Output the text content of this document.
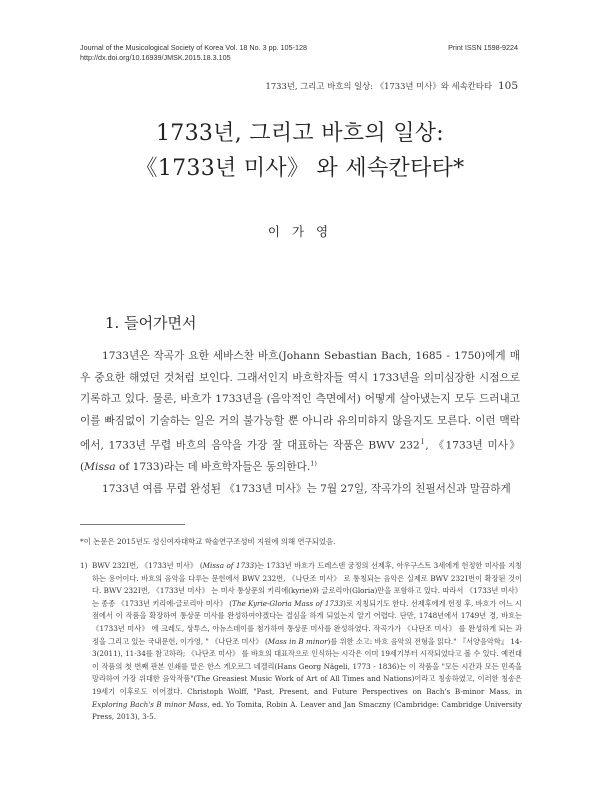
Journal of the Musicological Society of Korea Vol. 18 No. 3 pp. 105-128
http://dx.doi.org/10.16939/JMSK.2015.18.3.105
Print ISSN 1598-9224
1733년, 그리고 바흐의 일상: 《1733년 미사》와 세속칸타타 105
1733년, 그리고 바흐의 일상:
《1733년 미사》 와 세속칸타타*
이 가 영
1. 들어가면서

1733년은 작곡가 요한 세바스찬 바흐(Johann Sebastian Bach, 1685 - 1750)에게 매우 중요한 해였던 것처럼 보인다. 그래서인지 바흐학자들 역시 1733년을 의미심장한 시점으로 기록하고 있다. 물론, 바흐가 1733년을 (음악적인 측면에서) 어떻게 살아냈는지 모두 드러내고 이를 빠짐없이 기술하는 일은 거의 불가능할 뿐 아니라 유의미하지 않을지도 모른다. 이런 맥락에서, 1733년 무렵 바흐의 음악을 가장 잘 대표하는 작품은 BWV $232^Ⅰ$, 《1733년 미사》 (Missa of 1733)라는 데 바흐학자들은 동의한다.$^{1)}$

1733년 여름 무렵 완성된 《1733년 미사》는 7월 27일, 작곡가의 친필서신과 말끔하게

*이 논문은 2015년도 성신여자대학교 학술연구조성비 지원에 의해 연구되었음.
1) BWV 232Ⅰ번, 《1733년 미사》 (Missa of 1733)는 1733년 바흐가 드레스덴 궁정의 선제후, 아우구스트 3세에게 헌정한 미사를 지칭하는 용어이다. 바흐의 음악을 다루는 문헌에서 BWV 232번, 《나단조 미사》 로 통칭되는 음악은 실제로 BWV 232Ⅰ번이 확장된 것이다. BWV 232Ⅰ번, 《1733년 미사》 는 미사 통상문의 키리에(kyrie)와 글로리아(Gloria)만을 포함하고 있다. 따라서 《1733년 미사》 는 종종 《1733년 키리에-글로리아 미사》 (The Kyrie-Gloria Mass of 1733)로 지칭되기도 한다. 선제후에게 헌정 후, 바흐가 어느 시점에서 이 작품을 확장하여 통상문 미사를 완성하여야겠다는 결심을 하게 되었는지 알기 어렵다. 단만, 1748년에서 1749년 경, 바흐는 《1733년 미사》 에 크레도, 상투스, 아뉴스데이를 첨가하여 통상문 미사를 완성하였다. 작곡가가 《나단조 미사》 를 완성하게 되는 과정을 그리고 있는 국내문헌, 이가영, " 《나단조 미사》 (Mass in B minor)를 위한 소고: 바흐 음악의 전형을 읽다." 『서양음악학』 14-3(2011), 11-34를 참고하라; 《나단조 미사》 를 바흐의 대표작으로 인식하는 시각은 이미 19세기부터 시작되었다고 볼 수 있다. 예컨대 이 작품의 첫 번째 판본 인쇄를 맡은 한스 게오르그 네겔리(Hans Georg Nägeli, 1773 - 1836)는 이 작품을 "모든 시간과 모든 민족을 망라하여 가장 위대한 음악작품"(The Greasiest Music Work of Art of All Times and Nations)이라고 칭송하였고, 이러한 칭송은 19세기 이후로도 이어졌다. Christoph Wolff, "Past, Present, and Future Perspectives on Bach's B-minor Mass, in Exploring Bach's B minor Mass, ed. Yo Tomita, Robin A. Leaver and Jan Smaczny (Cambridge: Cambridge University Press, 2013), 3-5.
